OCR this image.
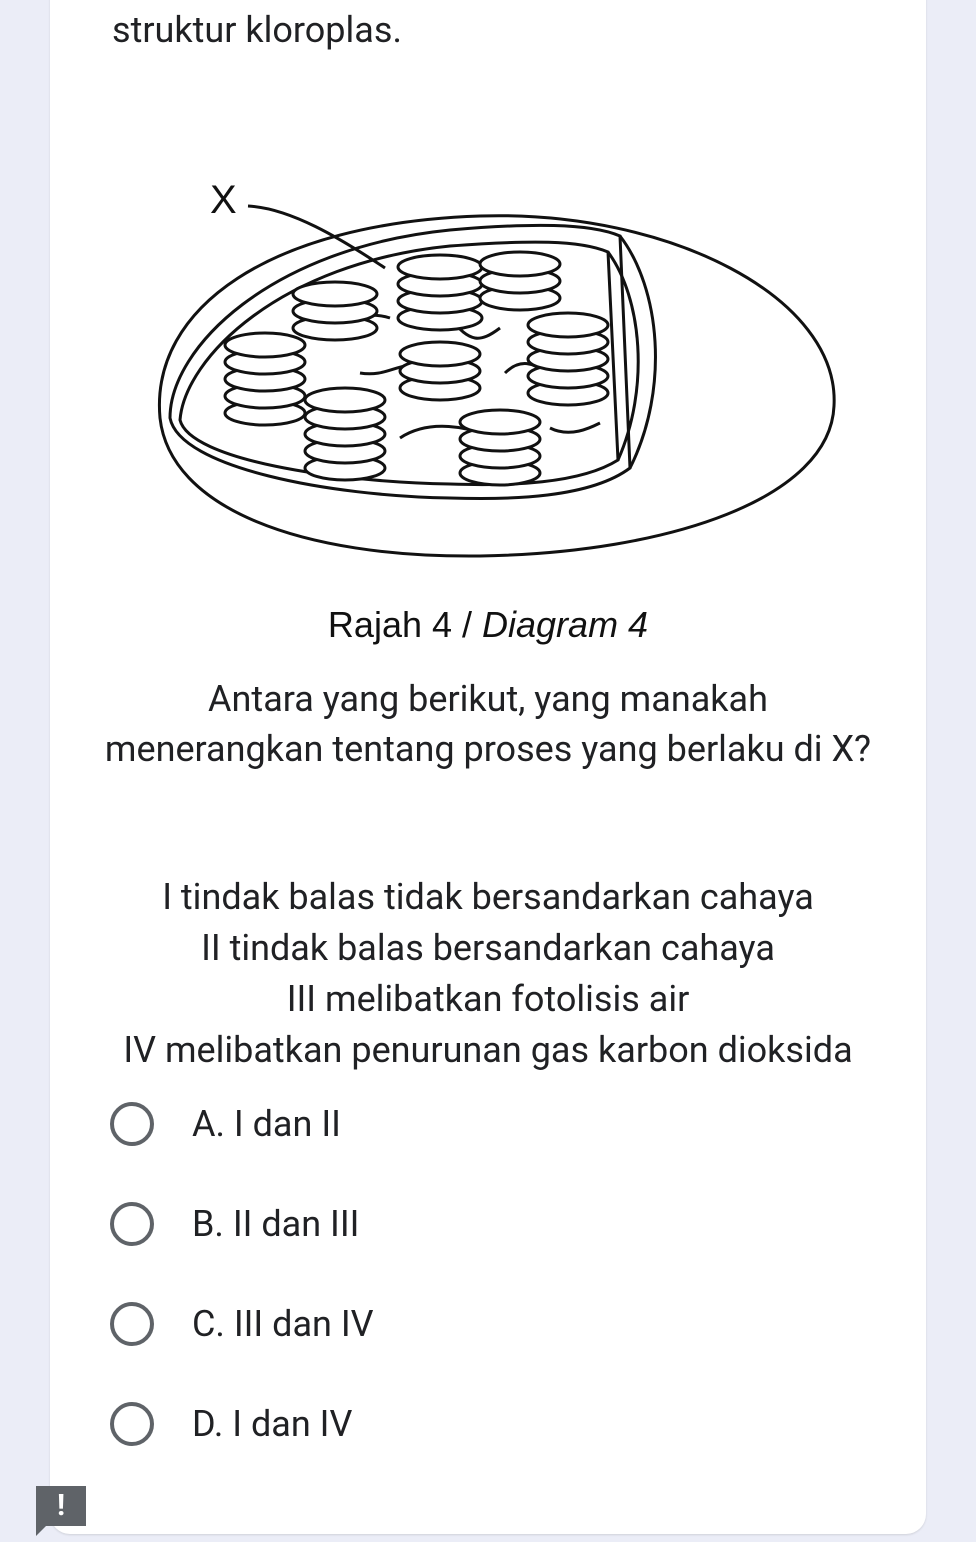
struktur kloroplas.
X
Rajah 4 / Diagram 4
Antara yang berikut, yang manakah menerangkan tentang proses yang berlaku di X?
I tindak balas tidak bersandarkan cahaya
II tindak balas bersandarkan cahaya
III melibatkan fotolisis air
IV melibatkan penurunan gas karbon dioksida
A. I dan II
B. II dan III
C. III dan IV
D. I dan IV
!
